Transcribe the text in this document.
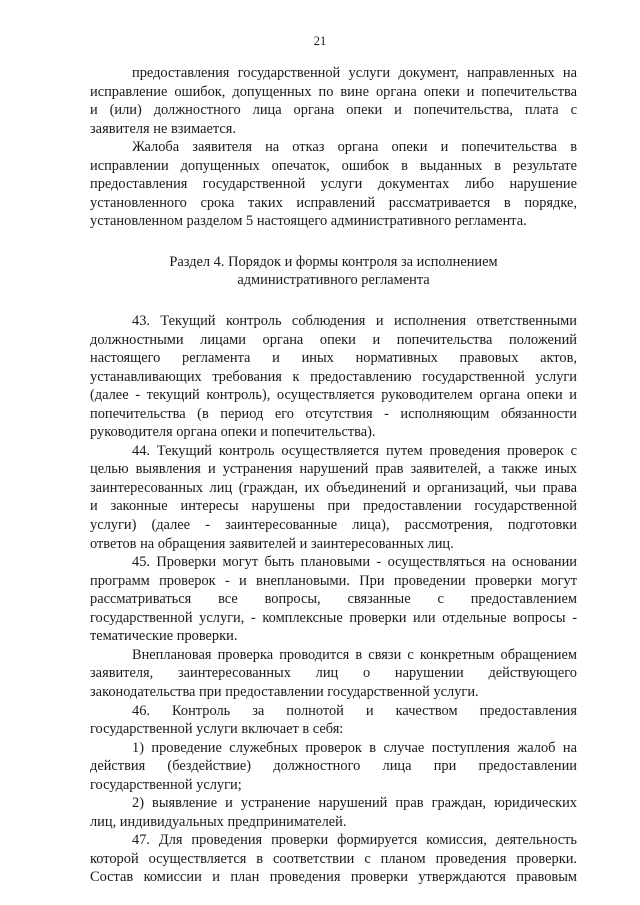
21
предоставления государственной услуги документ, направленных на
исправление ошибок, допущенных по вине органа опеки и попечительства
и (или) должностного лица органа опеки и попечительства, плата с
заявителя не взимается.
Жалоба заявителя на отказ органа опеки и попечительства в
исправлении допущенных опечаток, ошибок в выданных в результате
предоставления государственной услуги документах либо нарушение
установленного срока таких исправлений рассматривается в порядке,
установленном разделом 5 настоящего административного регламента.
Раздел 4. Порядок и формы контроля за исполнением
административного регламента
43. Текущий контроль соблюдения и исполнения ответственными
должностными лицами органа опеки и попечительства положений
настоящего регламента и иных нормативных правовых актов,
устанавливающих требования к предоставлению государственной услуги
(далее - текущий контроль), осуществляется руководителем органа опеки и
попечительства (в период его отсутствия - исполняющим обязанности
руководителя органа опеки и попечительства).
44. Текущий контроль осуществляется путем проведения проверок с
целью выявления и устранения нарушений прав заявителей, а также иных
заинтересованных лиц (граждан, их объединений и организаций, чьи права
и законные интересы нарушены при предоставлении государственной
услуги) (далее - заинтересованные лица), рассмотрения, подготовки
ответов на обращения заявителей и заинтересованных лиц.
45. Проверки могут быть плановыми - осуществляться на основании
программ проверок - и внеплановыми. При проведении проверки могут
рассматриваться все вопросы, связанные с предоставлением
государственной услуги, - комплексные проверки или отдельные вопросы -
тематические проверки.
Внеплановая проверка проводится в связи с конкретным обращением
заявителя, заинтересованных лиц о нарушении действующего
законодательства при предоставлении государственной услуги.
46. Контроль за полнотой и качеством предоставления
государственной услуги включает в себя:
1) проведение служебных проверок в случае поступления жалоб на
действия (бездействие) должностного лица при предоставлении
государственной услуги;
2) выявление и устранение нарушений прав граждан, юридических
лиц, индивидуальных предпринимателей.
47. Для проведения проверки формируется комиссия, деятельность
которой осуществляется в соответствии с планом проведения проверки.
Состав комиссии и план проведения проверки утверждаются правовым
